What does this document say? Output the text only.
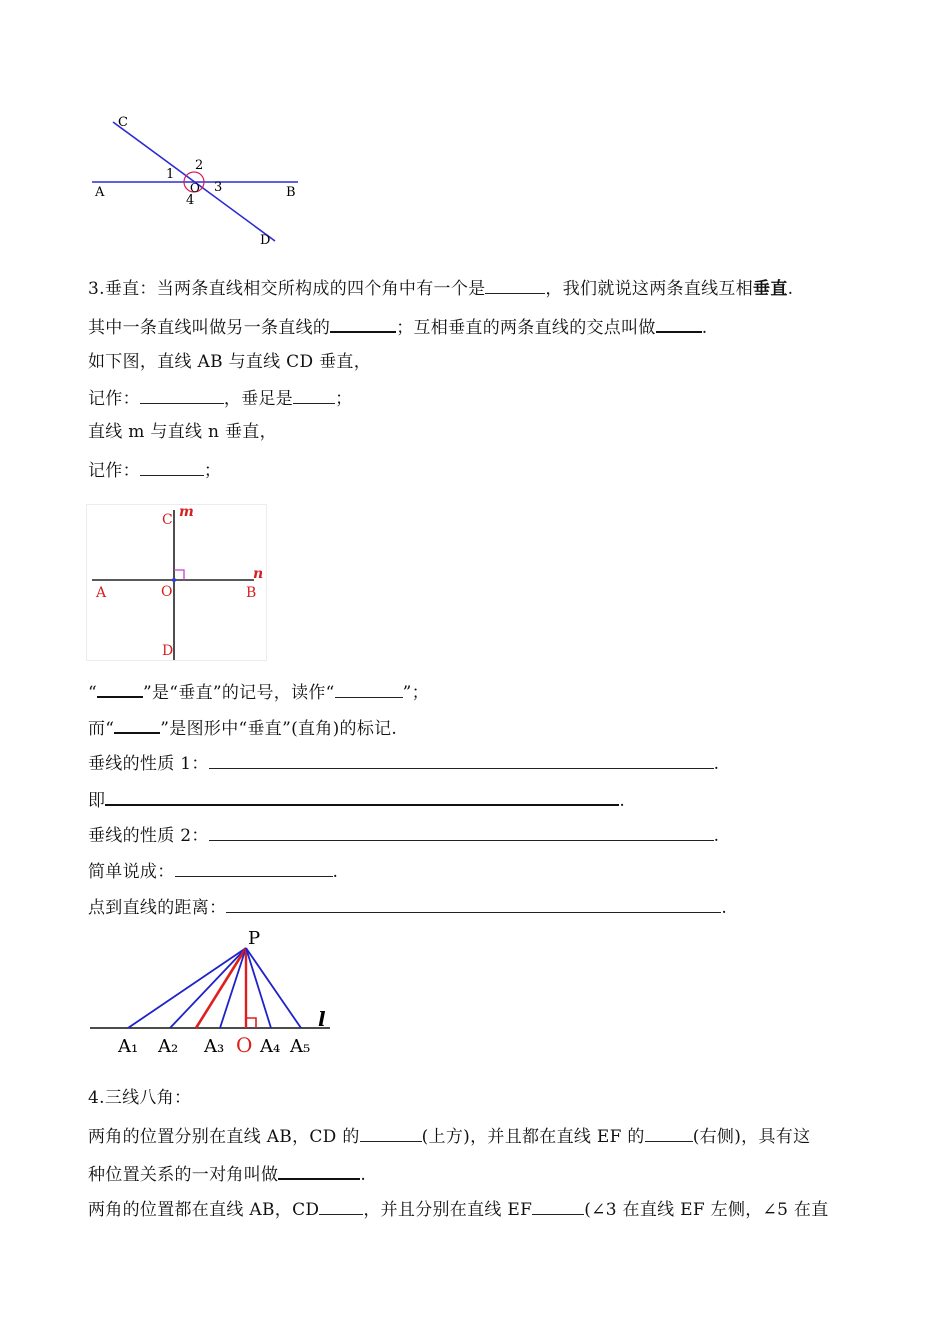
C
A	B
D
O
1
2
3
4
3.垂直：当两条直线相交所构成的四个角中有一个是	，我们就说这两条直线互相垂直.
其中一条直线叫做另一条直线的	；互相垂直的两条直线的交点叫做	.
如下图，直线 AB 与直线 CD 垂直，
记作：	，垂足是 ；
直线 m 与直线 n 垂直，
记作：	；
C m
A	O	B
n
D
“	”是“垂直”的记号，读作“	”；
而“	”是图形中“垂直”(直角)的标记.
垂线的性质 1：	.
即	.
垂线的性质 2：	.
简单说成：	.
点到直线的距离：	.
P
l
A₁ A₂ A₃ O A₄ A₅
4.三线八角：
两角的位置分别在直线 AB，CD 的	(上方)，并且都在直线 EF 的	(右侧)，具有这
种位置关系的一对角叫做	.
两角的位置都在直线 AB，CD	，并且分别在直线 EF	(∠3 在直线 EF 左侧，∠5 在直
